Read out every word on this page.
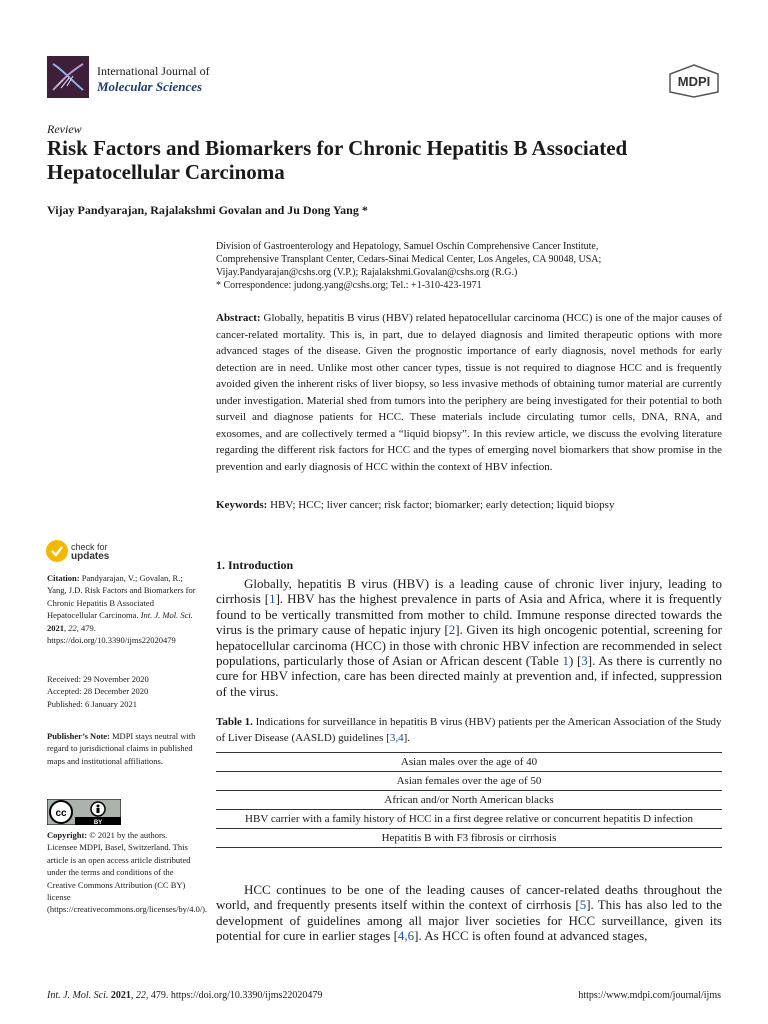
International Journal of
Molecular Sciences	MDPI
Review
Risk Factors and Biomarkers for Chronic Hepatitis B Associated Hepatocellular Carcinoma
Vijay Pandyarajan, Rajalakshmi Govalan and Ju Dong Yang *

Division of Gastroenterology and Hepatology, Samuel Oschin Comprehensive Cancer Institute,

Comprehensive Transplant Center, Cedars-Sinai Medical Center, Los Angeles, CA 90048, USA;

Vijay.Pandyarajan@cshs.org (V.P.); Rajalakshmi.Govalan@cshs.org (R.G.)

* Correspondence: judong.yang@cshs.org; Tel.: +1-310-423-1971

Abstract: Globally, hepatitis B virus (HBV) related hepatocellular carcinoma (HCC) is one of the major causes of cancer-related mortality. This is, in part, due to delayed diagnosis and limited therapeutic options with more advanced stages of the disease. Given the prognostic importance of early diagnosis, novel methods for early detection are in need. Unlike most other cancer types, tissue is not required to diagnose HCC and is frequently avoided given the inherent risks of liver biopsy, so less invasive methods of obtaining tumor material are currently under investigation. Material shed from tumors into the periphery are being investigated for their potential to both surveil and diagnose patients for HCC. These materials include circulating tumor cells, DNA, RNA, and exosomes, and are collectively termed a “liquid biopsy”. In this review article, we discuss the evolving literature regarding the different risk factors for HCC and the types of emerging novel biomarkers that show promise in the prevention and early diagnosis of HCC within the context of HBV infection.
Keywords: HBV; HCC; liver cancer; risk factor; biomarker; early detection; liquid biopsy
check for
updates
Citation: Pandyarajan, V.; Govalan, R.; Yang, J.D. Risk Factors and Biomarkers for Chronic Hepatitis B Associated Hepatocellular Carcinoma. Int. J. Mol. Sci. 2021, 22, 479. https://doi.org/10.3390/ijms22020479
Received: 29 November 2020
Accepted: 28 December 2020
Published: 6 January 2021
Publisher’s Note: MDPI stays neutral with regard to jurisdictional claims in published maps and institutional affiliations.
cc
BY
Copyright: © 2021 by the authors. Licensee MDPI, Basel, Switzerland. This article is an open access article distributed under the terms and conditions of the Creative Commons Attribution (CC BY) license (https://creativecommons.org/licenses/by/4.0/).
1. Introduction
Globally, hepatitis B virus (HBV) is a leading cause of chronic liver injury, leading to cirrhosis [1]. HBV has the highest prevalence in parts of Asia and Africa, where it is frequently found to be vertically transmitted from mother to child. Immune response directed towards the virus is the primary cause of hepatic injury [2]. Given its high oncogenic potential, screening for hepatocellular carcinoma (HCC) in those with chronic HBV infection are recommended in select populations, particularly those of Asian or African descent (Table 1) [3]. As there is currently no cure for HBV infection, care has been directed mainly at prevention and, if infected, suppression of the virus.
Table 1. Indications for surveillance in hepatitis B virus (HBV) patients per the American Association of the Study of Liver Disease (AASLD) guidelines [3,4].
Asian males over the age of 40
Asian females over the age of 50
African and/or North American blacks
HBV carrier with a family history of HCC in a first degree relative or concurrent hepatitis D infection
Hepatitis B with F3 fibrosis or cirrhosis
HCC continues to be one of the leading causes of cancer-related deaths throughout the world, and frequently presents itself within the context of cirrhosis [5]. This has also led to the development of guidelines among all major liver societies for HCC surveillance, given its potential for cure in earlier stages [4,6]. As HCC is often found at advanced stages,
Int. J. Mol. Sci. 2021, 22, 479. https://doi.org/10.3390/ijms22020479	https://www.mdpi.com/journal/ijms
